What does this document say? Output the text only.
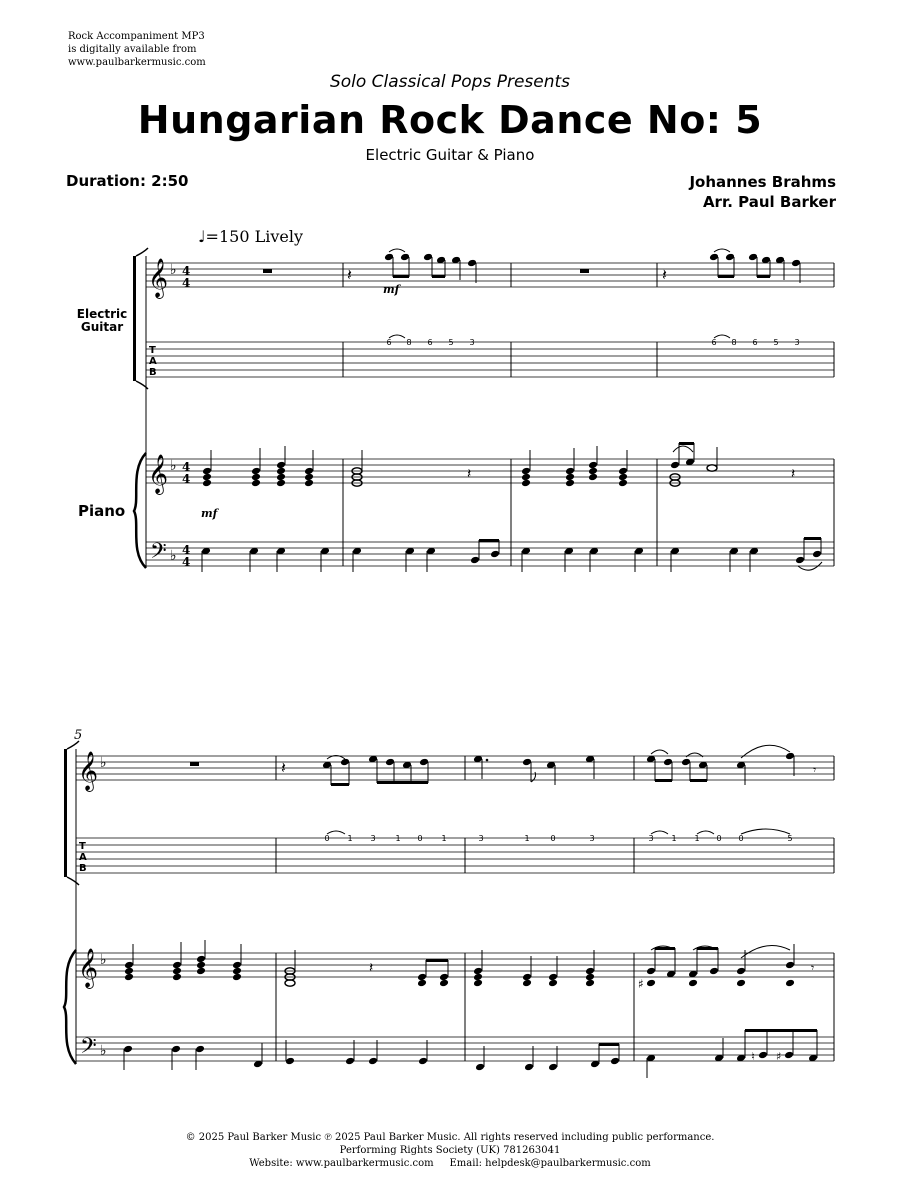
Rock Accompaniment MP3
is digitally available from
www.paulbarkermusic.com
Solo Classical Pops Presents
Hungarian Rock Dance No: 5
Electric Guitar & Piano
Duration: 2:50	Johannes Brahms
Arr. Paul Barker
♩=150 Lively
Electric
Guitar
Piano
5
T
A
B
𝄞 ♭ 4
4	𝄽
mf
𝄽
6 8 6 5 3	6 8 6 5 3
𝄞
𝄢
♭
♭
4
4
4
4
𝄽	𝄽
mf
T
A
B
𝄞 ♭	𝄽	𝄾
0 1 3 1 0 1	3	1	0	3	3 1 1 0 0	5
𝄞
𝄢
♭
♭
𝄽
♯
𝄾
♮ ♯
© 2025 Paul Barker Music ℗ 2025 Paul Barker Music. All rights reserved including public performance.
Performing Rights Society (UK) 781263041
Website: www.paulbarkermusic.com     Email: helpdesk@paulbarkermusic.com
